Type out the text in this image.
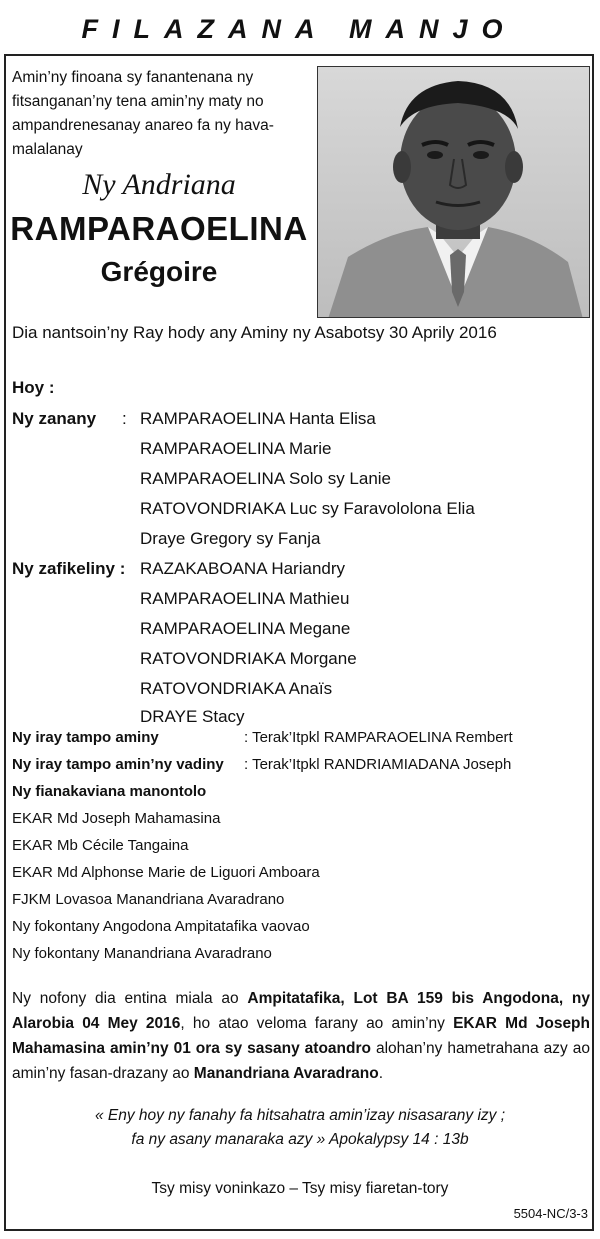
FILAZANA MANJO
Amin’ny finoana sy fanantenana ny fitsanganan’ny tena amin’ny maty no ampandrenesanay anareo fa ny hava-malalanay
Ny Andriana
RAMPARAOELINA
Grégoire
Dia nantsoin’ny Ray hody any Aminy ny Asabotsy 30 Aprily 2016
Hoy :
Ny zanany : RAMPARAOELINA Hanta Elisa
RAMPARAOELINA Marie
RAMPARAOELINA Solo sy Lanie
RATOVONDRIAKA Luc sy Faravololona Elia
Draye Gregory sy Fanja
Ny zafikeliny : RAZAKABOANA Hariandry
RAMPARAOELINA Mathieu
RAMPARAOELINA Megane
RATOVONDRIAKA Morgane
RATOVONDRIAKA Anaïs
DRAYE Stacy
Ny iray tampo aminy	: Terak’Itpkl RAMPARAOELINA Rembert
Ny iray tampo amin’ny vadiny : Terak’Itpkl RANDRIAMIADANA Joseph
Ny fianakaviana manontolo
EKAR Md Joseph Mahamasina
EKAR Mb Cécile Tangaina
EKAR Md Alphonse Marie de Liguori Amboara
FJKM Lovasoa Manandriana Avaradrano
Ny fokontany Angodona Ampitatafika vaovao
Ny fokontany Manandriana Avaradrano
Ny nofony dia entina miala ao Ampitatafika, Lot BA 159 bis Angodona, ny Alarobia 04 Mey 2016, ho atao veloma farany ao amin’ny EKAR Md Joseph Mahamasina amin’ny 01 ora sy sasany atoandro alohan’ny hametrahana azy ao amin’ny fasan-drazany ao Manandriana Avaradrano.
« Eny hoy ny fanahy fa hitsahatra amin’izay nisasarany izy ;
fa ny asany manaraka azy » Apokalypsy 14 : 13b
Tsy misy voninkazo – Tsy misy fiaretan-tory
5504-NC/3-3
